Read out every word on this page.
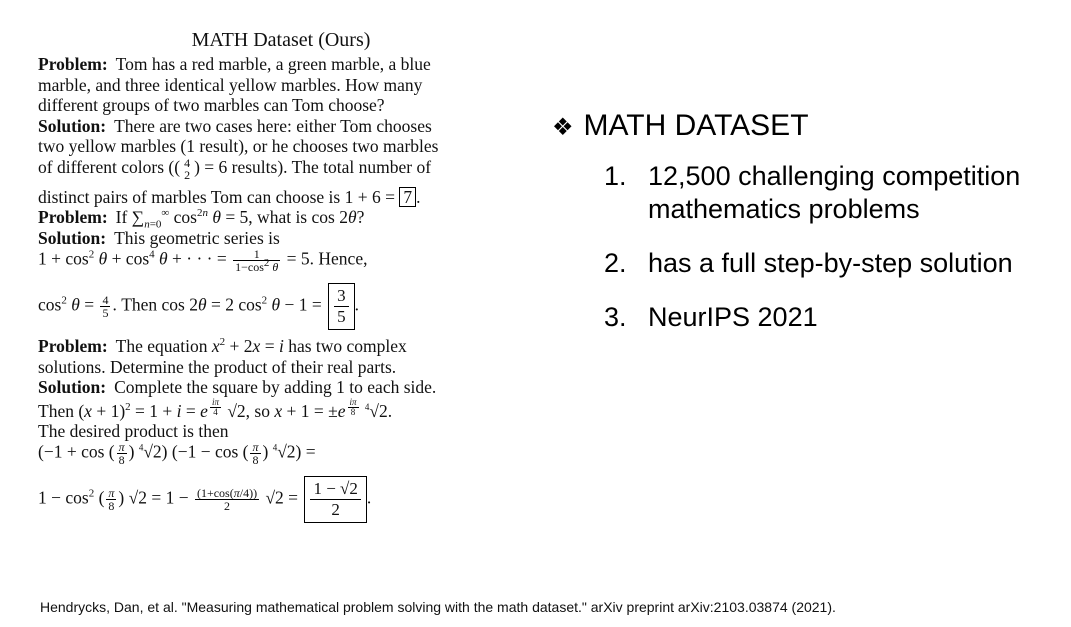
MATH Dataset (Ours)
Problem: Tom has a red marble, a green marble, a blue
marble, and three identical yellow marbles. How many
different groups of two marbles can Tom choose?
Solution: There are two cases here: either Tom chooses
two yellow marbles (1 result), or he chooses two marbles
of different colors (( 4
2 ) = 6 results). The total number of
distinct pairs of marbles Tom can choose is 1 + 6 = 7 .
Problem: If $\sum_{n=0}^\infty$ $\cos^{2n} \theta = 5$, what is cos 2θ?
Solution: This geometric series is
$1 + \cos^2 \theta + \cos^4 \theta$ + · · · = $\frac{1}{1-\cos^2 \theta} = 5$. Hence,
$\cos^2 \theta = \frac{4}{5}$ . Then cos 2θ = 2 $\cos^2 \theta - 1 = \frac{3}{5}$ .
Problem: The equation $x^2 + 2x = i$ has two complex
solutions. Determine the product of their real parts.
Solution: Complete the square by adding 1 to each side.
Then $(x + 1)^2 = 1 + i = e$ $^{\frac{i\pi}{4}}$ √2, so x + 1 = ±e $^{\frac{i\pi}{8}}$ $^4$√2.
The desired product is then
(−1 + cos ( $\frac{\pi}{8}$ ) $^4$√2) (−1 − cos ( $\frac{\pi}{8}$ ) $^4$√2) =
$1 - \cos^2$ ( $\frac{\pi}{8}$ ) $√2 = 1 - \frac{(1+\cos(\pi/4))}{2} √2 = \frac{1 - √2}{2}$ .
❖ MATH DATASET
1. 12,500 challenging competition mathematics problems
2. has a full step-by-step solution
3. NeurIPS 2021
Hendrycks, Dan, et al. "Measuring mathematical problem solving with the math dataset." arXiv preprint arXiv:2103.03874 (2021).
